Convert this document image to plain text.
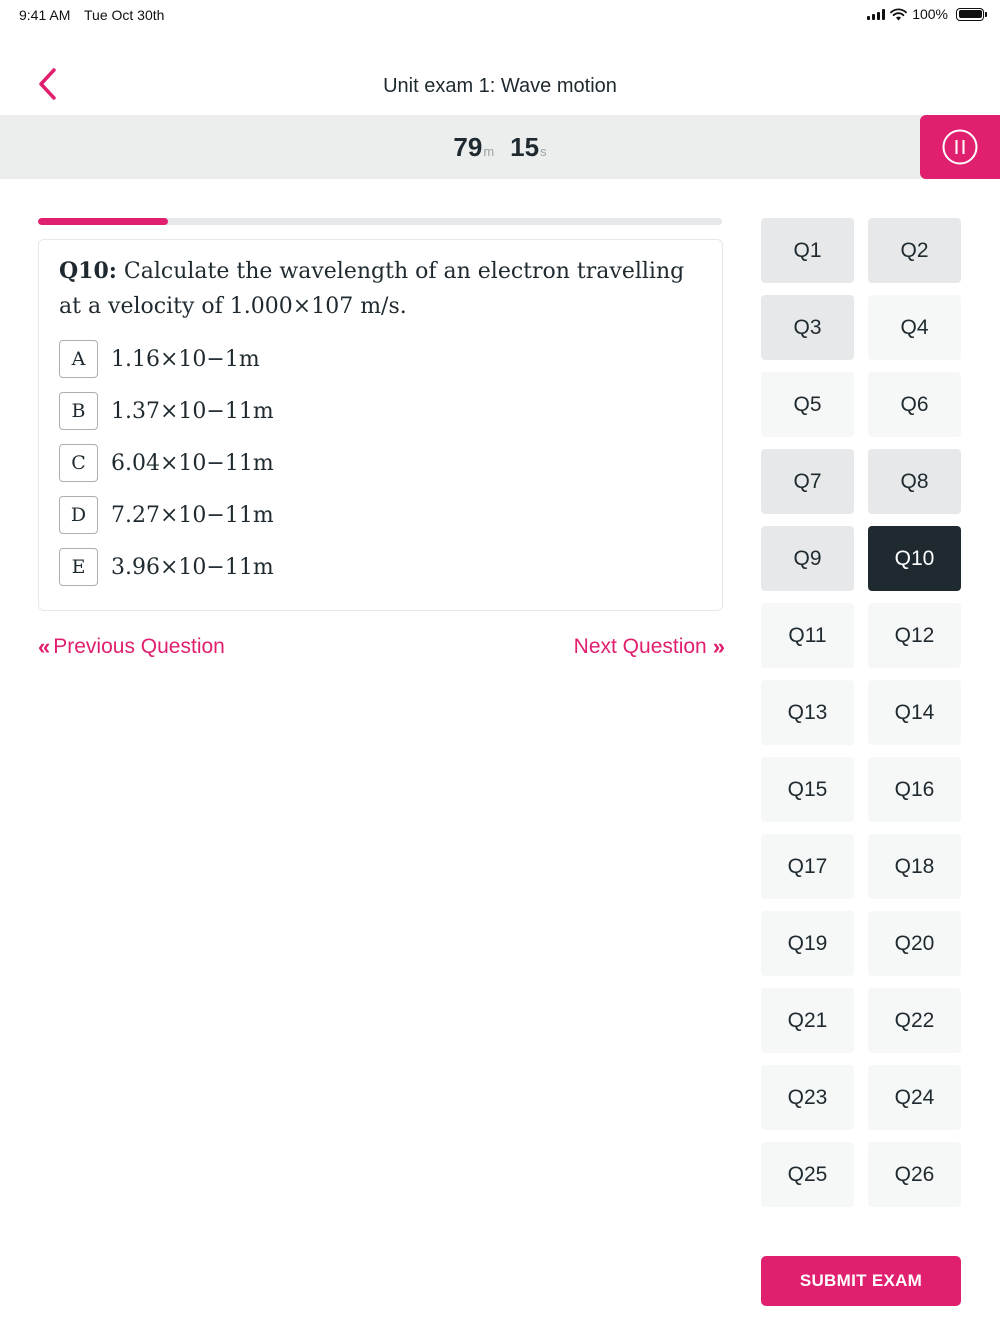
9:41 AM Tue Oct 30th	100%
Unit exam 1: Wave motion
79m 15s
Q10: Calculate the wavelength of an electron travelling at a velocity of 1.000×107 m/s.
A	1.16×10−1m
B	1.37×10−11m
C	6.04×10−11m
D	7.27×10−11m
E	3.96×10−11m
« Previous Question	Next Question »
Q1	Q2
Q3	Q4
Q5	Q6
Q7	Q8
Q9	Q10
Q11	Q12
Q13	Q14
Q15	Q16
Q17	Q18
Q19	Q20
Q21	Q22
Q23	Q24
Q25	Q26
SUBMIT EXAM
